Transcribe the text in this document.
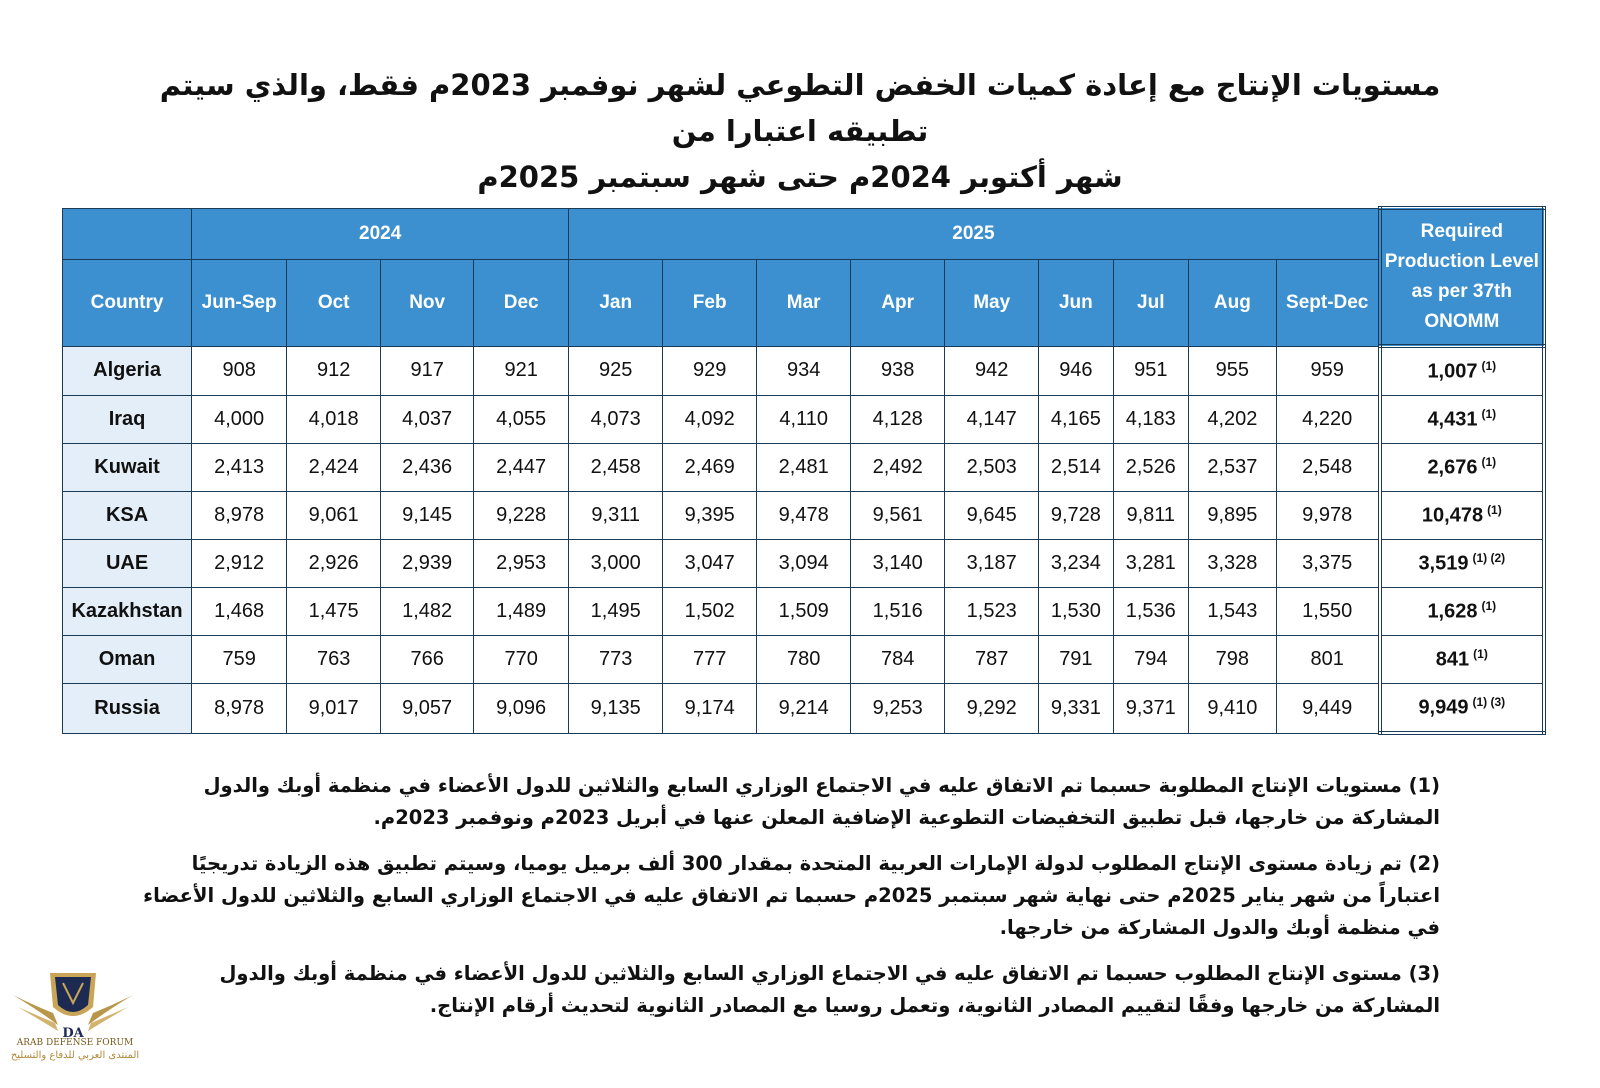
مستويات الإنتاج مع إعادة كميات الخفض التطوعي لشهر نوفمبر 2023م فقط، والذي سيتم تطبيقه اعتبارا من

شهر أكتوبر 2024م حتى شهر سبتمبر 2025م

	2024				2025									Required Production Level as per 37th ONOMM
Country	Jun-Sep	Oct	Nov	Dec	Jan	Feb	Mar	Apr	May	Jun	Jul	Aug	Sept-Dec	
Algeria	908	912	917	921	925	929	934	938	942	946	951	955	959	1,007 $^{(1)}$
Iraq	4,000	4,018	4,037	4,055	4,073	4,092	4,110	4,128	4,147	4,165	4,183	4,202	4,220	4,431 $^{(1)}$
Kuwait	2,413	2,424	2,436	2,447	2,458	2,469	2,481	2,492	2,503	2,514	2,526	2,537	2,548	2,676 $^{(1)}$
KSA	8,978	9,061	9,145	9,228	9,311	9,395	9,478	9,561	9,645	9,728	9,811	9,895	9,978	10,478 $^{(1)}$
UAE	2,912	2,926	2,939	2,953	3,000	3,047	3,094	3,140	3,187	3,234	3,281	3,328	3,375	3,519 $^{(1) (2)}$
Kazakhstan	1,468	1,475	1,482	1,489	1,495	1,502	1,509	1,516	1,523	1,530	1,536	1,543	1,550	1,628 $^{(1)}$
Oman	759	763	766	770	773	777	780	784	787	791	794	798	801	841 $^{(1)}$
Russia	8,978	9,017	9,057	9,096	9,135	9,174	9,214	9,253	9,292	9,331	9,371	9,410	9,449	9,949 $^{(1) (3)}$

(1) مستويات الإنتاج المطلوبة حسبما تم الاتفاق عليه في الاجتماع الوزاري السابع والثلاثين للدول الأعضاء في منظمة أوبك والدول المشاركة من خارجها، قبل تطبيق التخفيضات التطوعية الإضافية المعلن عنها في أبريل 2023م ونوفمبر 2023م.

(2) تم زيادة مستوى الإنتاج المطلوب لدولة الإمارات العربية المتحدة بمقدار 300 ألف برميل يوميا، وسيتم تطبيق هذه الزيادة تدريجيًا اعتباراً من شهر يناير 2025م حتى نهاية شهر سبتمبر 2025م حسبما تم الاتفاق عليه في الاجتماع الوزاري السابع والثلاثين للدول الأعضاء في منظمة أوبك والدول المشاركة من خارجها.

(3) مستوى الإنتاج المطلوب حسبما تم الاتفاق عليه في الاجتماع الوزاري السابع والثلاثين للدول الأعضاء في منظمة أوبك والدول المشاركة من خارجها وفقًا لتقييم المصادر الثانوية، وتعمل روسيا مع المصادر الثانوية لتحديث أرقام الإنتاج.

DA
ARAB DEFENSE FORUM
المنتدى العربي للدفاع والتسليح
